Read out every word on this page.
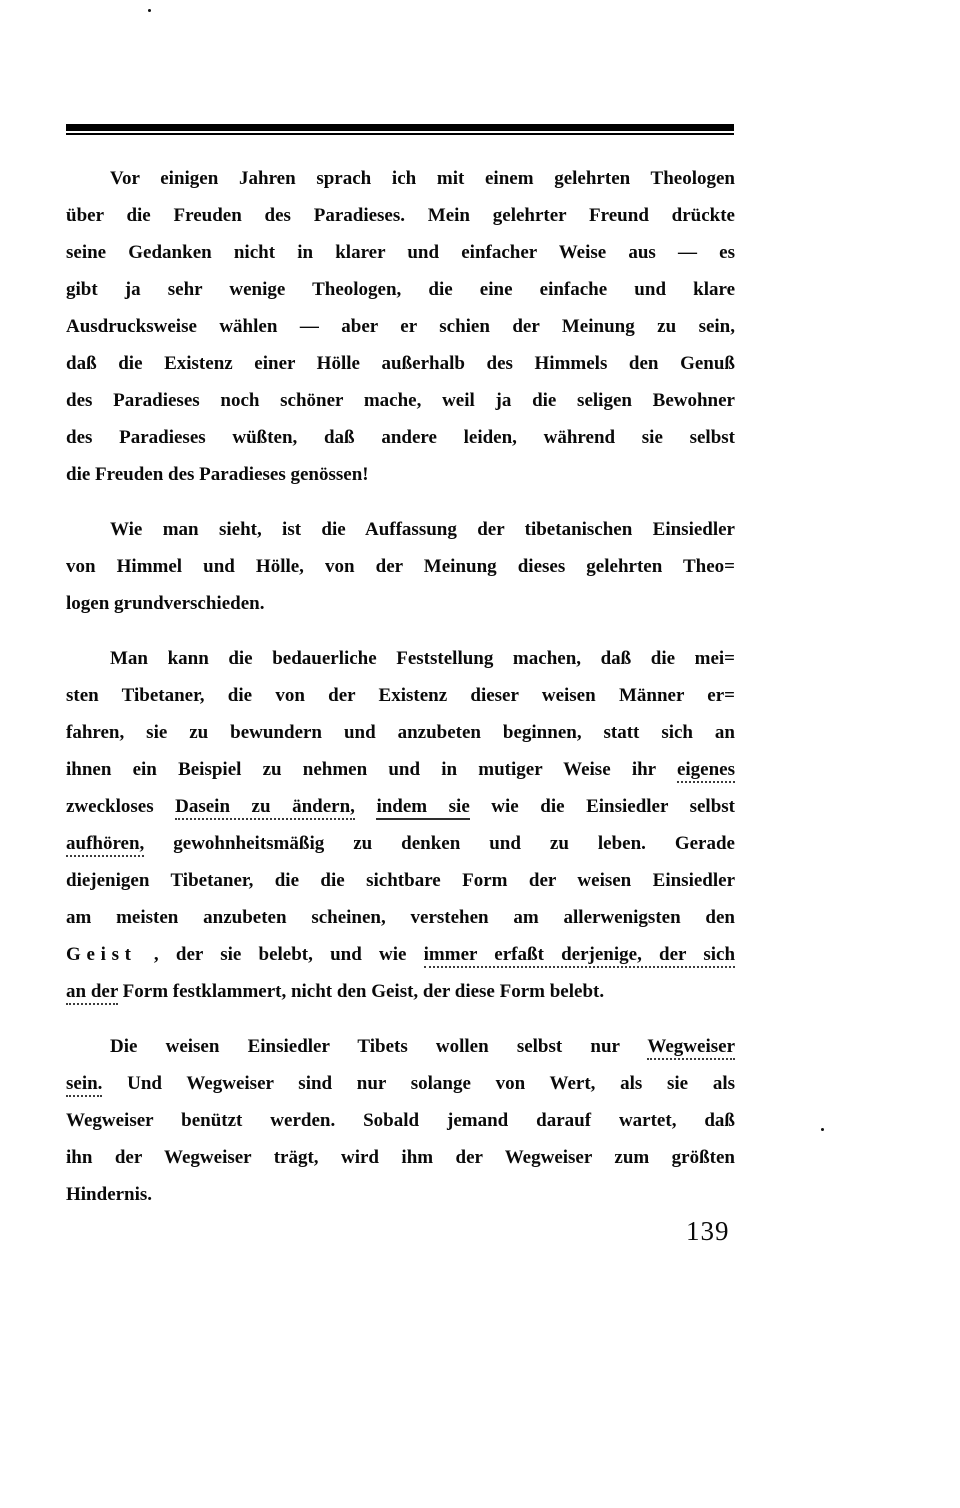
Vor einigen Jahren sprach ich mit einem gelehrten Theologen
über die Freuden des Paradieses. Mein gelehrter Freund drückte
seine Gedanken nicht in klarer und einfacher Weise aus — es
gibt ja sehr wenige Theologen, die eine einfache und klare
Ausdrucksweise wählen — aber er schien der Meinung zu sein,
daß die Existenz einer Hölle außerhalb des Himmels den Genuß
des Paradieses noch schöner mache, weil ja die seligen Bewohner
des Paradieses wüßten, daß andere leiden, während sie selbst
die Freuden des Paradieses genössen!
Wie man sieht, ist die Auffassung der tibetanischen Einsiedler
von Himmel und Hölle, von der Meinung dieses gelehrten Theo=
logen grundverschieden.
Man kann die bedauerliche Feststellung machen, daß die mei=
sten Tibetaner, die von der Existenz dieser weisen Männer er=
fahren, sie zu bewundern und anzubeten beginnen, statt sich an
ihnen ein Beispiel zu nehmen und in mutiger Weise ihr eigenes
zweckloses Dasein zu ändern, indem sie wie die Einsiedler selbst
aufhören, gewohnheitsmäßig zu denken und zu leben. Gerade
diejenigen Tibetaner, die die sichtbare Form der weisen Einsiedler
am meisten anzubeten scheinen, verstehen am allerwenigsten den
Geist , der sie belebt, und wie immer erfaßt derjenige, der sich
an der Form festklammert, nicht den Geist, der diese Form belebt.
Die weisen Einsiedler Tibets wollen selbst nur Wegweiser
sein. Und Wegweiser sind nur solange von Wert, als sie als
Wegweiser benützt werden. Sobald jemand darauf wartet, daß
ihn der Wegweiser trägt, wird ihm der Wegweiser zum größten
Hindernis.
139
